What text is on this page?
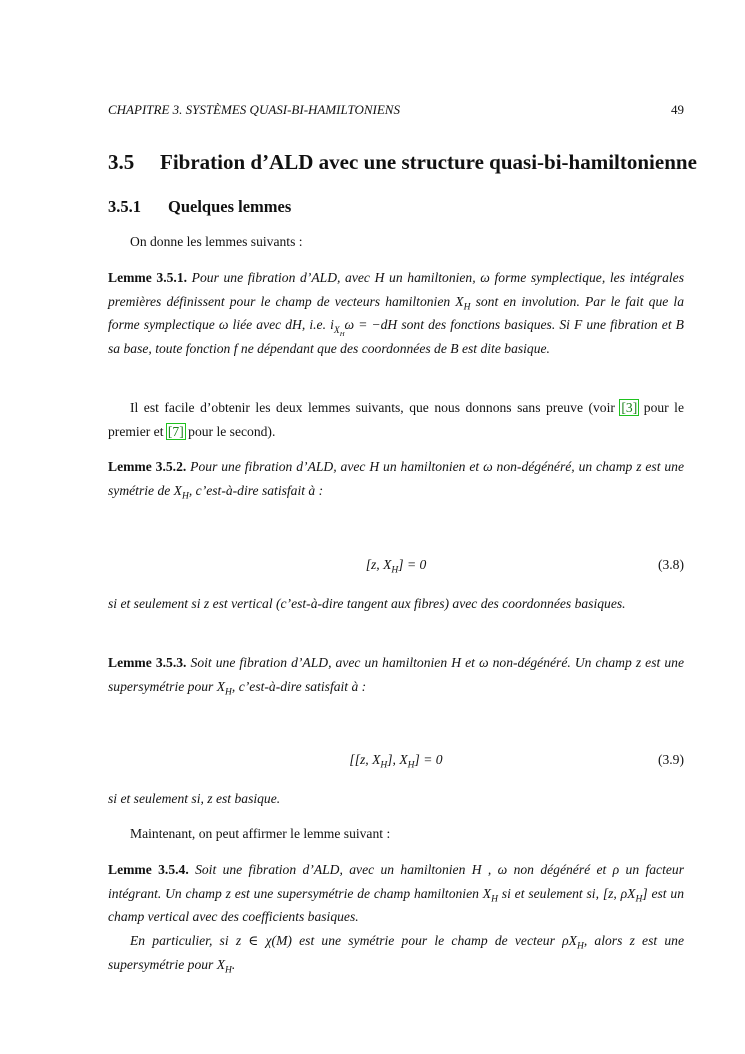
CHAPITRE 3. SYSTÈMES QUASI-BI-HAMILTONIENS	49
3.5 Fibration d’ALD avec une structure quasi-bi-hamiltonienne
3.5.1 Quelques lemmes

On donne les lemmes suivants :

Lemme 3.5.1. Pour une fibration d’ALD, avec H un hamiltonien, ω forme symplectique, les intégrales premières définissent pour le champ de vecteurs hamiltonien $X_H$ sont en involution. Par le fait que la forme symplectique ω liée avec dH, i.e. $i_{X_H}\omega = -dH$ sont des fonctions basiques. Si F une fibration et B sa base, toute fonction f ne dépendant que des coordonnées de B est dite basique.

Il est facile d’obtenir les deux lemmes suivants, que nous donnons sans preuve (voir [3] pour le premier et [7] pour le second).

Lemme 3.5.2. Pour une fibration d’ALD, avec H un hamiltonien et ω non-dégénéré, un champ z est une symétrie de $X_H$, c’est-à-dire satisfait à :

[z, $X_H] = 0$	(3.8)

si et seulement si z est vertical (c’est-à-dire tangent aux fibres) avec des coordonnées basiques.

Lemme 3.5.3. Soit une fibration d’ALD, avec un hamiltonien H et ω non-dégénéré. Un champ z est une supersymétrie pour $X_H$, c’est-à-dire satisfait à :

[[z, $X_H$], $X_H] = 0$	(3.9)

si et seulement si, z est basique.

Maintenant, on peut affirmer le lemme suivant :

Lemme 3.5.4. Soit une fibration d’ALD, avec un hamiltonien H , ω non dégénéré et ρ un facteur intégrant. Un champ z est une supersymétrie de champ hamiltonien $X_H$ si et seulement si, [z, $\rho X_H$] est un champ vertical avec des coefficients basiques.

En particulier, si z ∈ χ(M) est une symétrie pour le champ de vecteur $\rho X_H$, alors z est une supersymétrie pour $X_H$.
